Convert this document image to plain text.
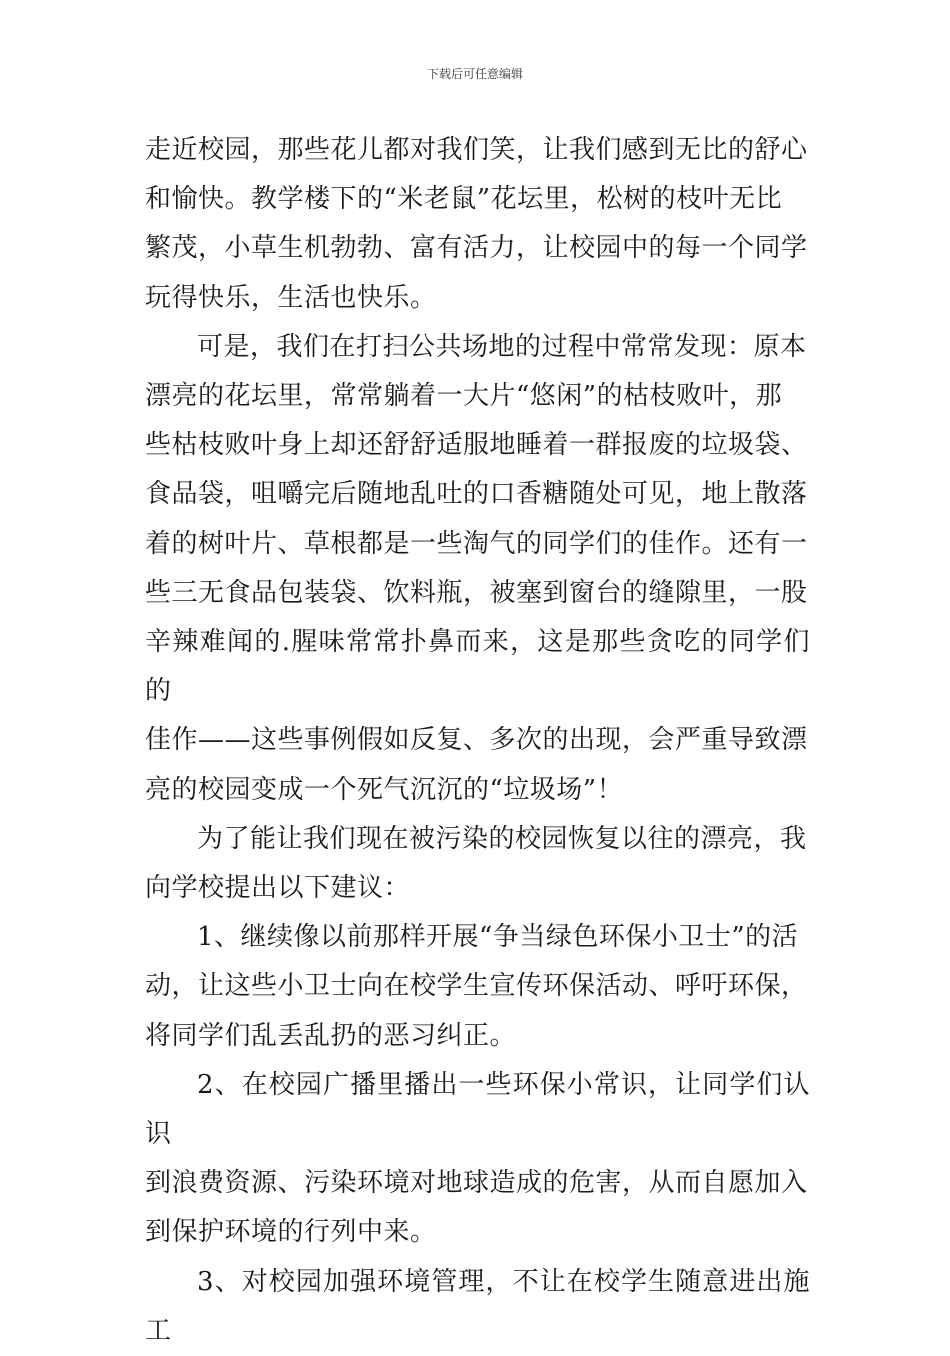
下载后可任意编辑
走近校园，那些花儿都对我们笑，让我们感到无比的舒心
和愉快。教学楼下的“米老鼠”花坛里，松树的枝叶无比
繁茂，小草生机勃勃、富有活力，让校园中的每一个同学
玩得快乐，生活也快乐。
可是，我们在打扫公共场地的过程中常常发现：原本
漂亮的花坛里，常常躺着一大片“悠闲”的枯枝败叶，那
些枯枝败叶身上却还舒舒适服地睡着一群报废的垃圾袋、
食品袋，咀嚼完后随地乱吐的口香糖随处可见，地上散落
着的树叶片、草根都是一些淘气的同学们的佳作。还有一
些三无食品包装袋、饮料瓶，被塞到窗台的缝隙里，一股
辛辣难闻的.腥味常常扑鼻而来，这是那些贪吃的同学们的
佳作——这些事例假如反复、多次的出现，会严重导致漂
亮的校园变成一个死气沉沉的“垃圾场”！
为了能让我们现在被污染的校园恢复以往的漂亮，我
向学校提出以下建议：
1、继续像以前那样开展“争当绿色环保小卫士”的活
动，让这些小卫士向在校学生宣传环保活动、呼吁环保，
将同学们乱丢乱扔的恶习纠正。
2、在校园广播里播出一些环保小常识，让同学们认识
到浪费资源、污染环境对地球造成的危害，从而自愿加入
到保护环境的行列中来。
3、对校园加强环境管理，不让在校学生随意进出施工
